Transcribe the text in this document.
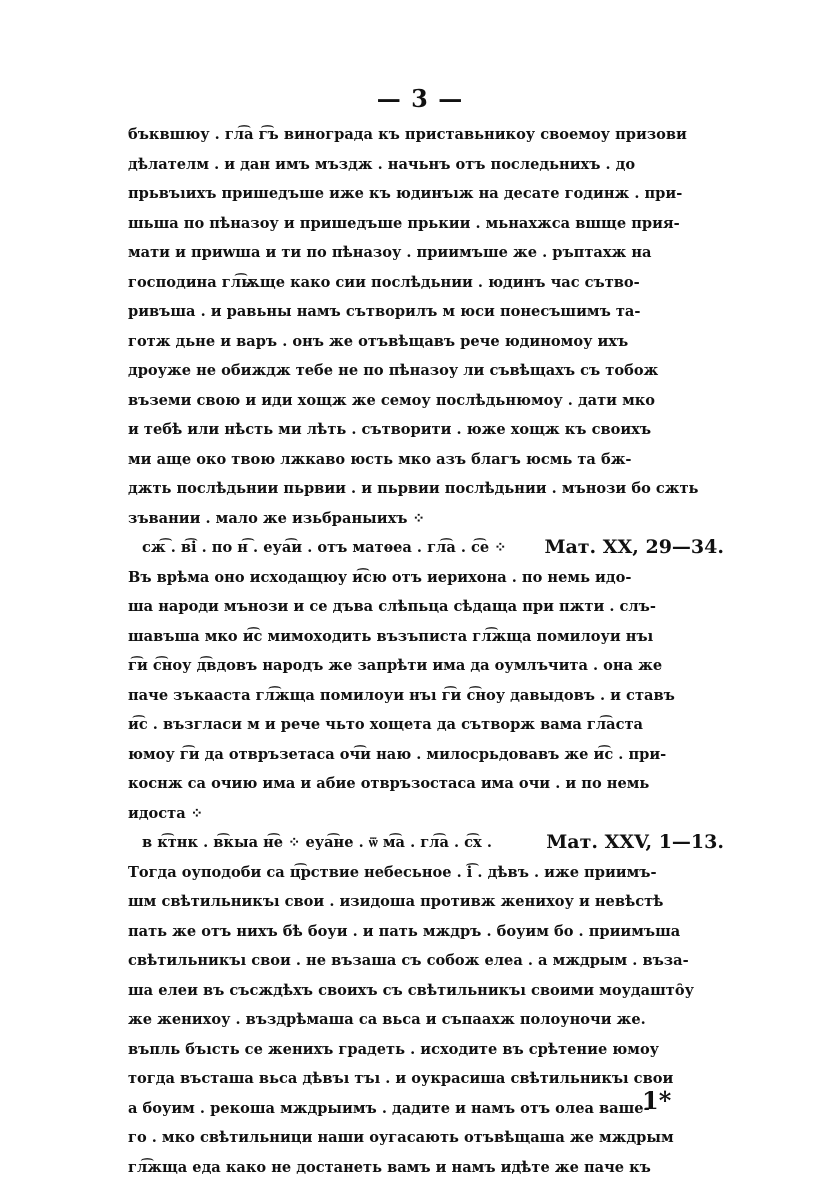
— 3 —
бъквшюу . гл͡а г͡ъ винограда къ приставьникоу своемоу призови
дѣлателм . и дан имъ мъздж . начьнъ отъ последьнихъ . до
прьвъıихъ пришедъше иже къ юдинъıж на десате годинж . при-
шьша по пѣназоу и пришедъше прькии . мьнахжса вшще прия-
мати и приwша и ти по пѣназоу . приимъше же . ръптахж на
господина гл͡ѭще како сии послѣдьнии . юдинъ час сътво-
ривъша . и равьны намъ сътворилъ м юси понесъшимъ та-
готж дьне и варъ . онъ же отъвѣщавъ рече юдиномоу ихъ
дроуже не обиждж тебе не по пѣназоу ли съвѣщахъ съ тобож
въземи свою и иди хощж же семоу послѣдьнюмоу . дати мко
и тебѣ или нѣсть ми лѣть . сътворити . юже хощж къ своихъ
ми аще око твою лжкаво юсть мко азъ благъ юсмь та бж-
джть послѣдьнии пьрвии . и пьрвии послѣдьнии . мънози бо сжть
зъвании . мало же изьбраныихъ ⁘
сж͡ . в͡і . по н͡ . еуа͡и . отъ матѳеа . гл͡а . с͡е ⁘	Мат. XX, 29—34.
Въ врѣма оно исходащюу и͡сю отъ иерихона . по немь идо-
ша народи мънози и се дъва слѣпьца сѣдаща при пжти . слъ-
шавъша мко и͡с мимоходить възъписта гл͡жща помилоуи нъı
г͡и с͡ноу д͡вдовъ народъ же запрѣти има да оумлъчита . она же
паче зъкааста гл͡жща помилоуи нъı г͡и с͡ноу давыдовъ . и ставъ
и͡с . възгласи м и рече чьто хощета да сътворж вама гл͡аста
юмоу г͡и да отвръзетаса оч͡и наю . милосрьдовавъ же и͡с . при-
коснж са очию има и абие отвръзостаса има очи . и по немь
идоста ⁘
в к͡тнк . в͡кыа н͡е ⁘ еуа͡не . ѿ м͡а . гл͡а . с͡х .	Мат. XXV, 1—13.
Тогда оуподоби са ц͡рствие небесьное . і͡ . дѣвъ . иже приимъ-
шм свѣтильникъı свои . изидоша противж женихоу и невѣстѣ
пать же отъ нихъ бѣ боуи . и пать мждръ . боуим бо . приимъша
свѣтильникъı свои . не възаша съ собож елеа . а мждрым . въза-
ша елеи въ съсждѣхъ своихъ съ свѣтильникъı своими моудашто̑у
же женихоу . въздрѣмаша са вьса и съпаахж полоуночи же.
въпль бъıсть се женихъ градеть . исходите въ срѣтение юмоу
тогда въсташа вьса дѣвъı тъı . и оукрасиша свѣтильникъı свои
а боуим . рекоша мждрыимъ . дадите и намъ отъ олеа ваше-
го . мко свѣтильници наши оугасають отъвѣщаша же мждрым
гл͡жща еда како не достанеть вамъ и намъ идѣте же паче къ
1*
